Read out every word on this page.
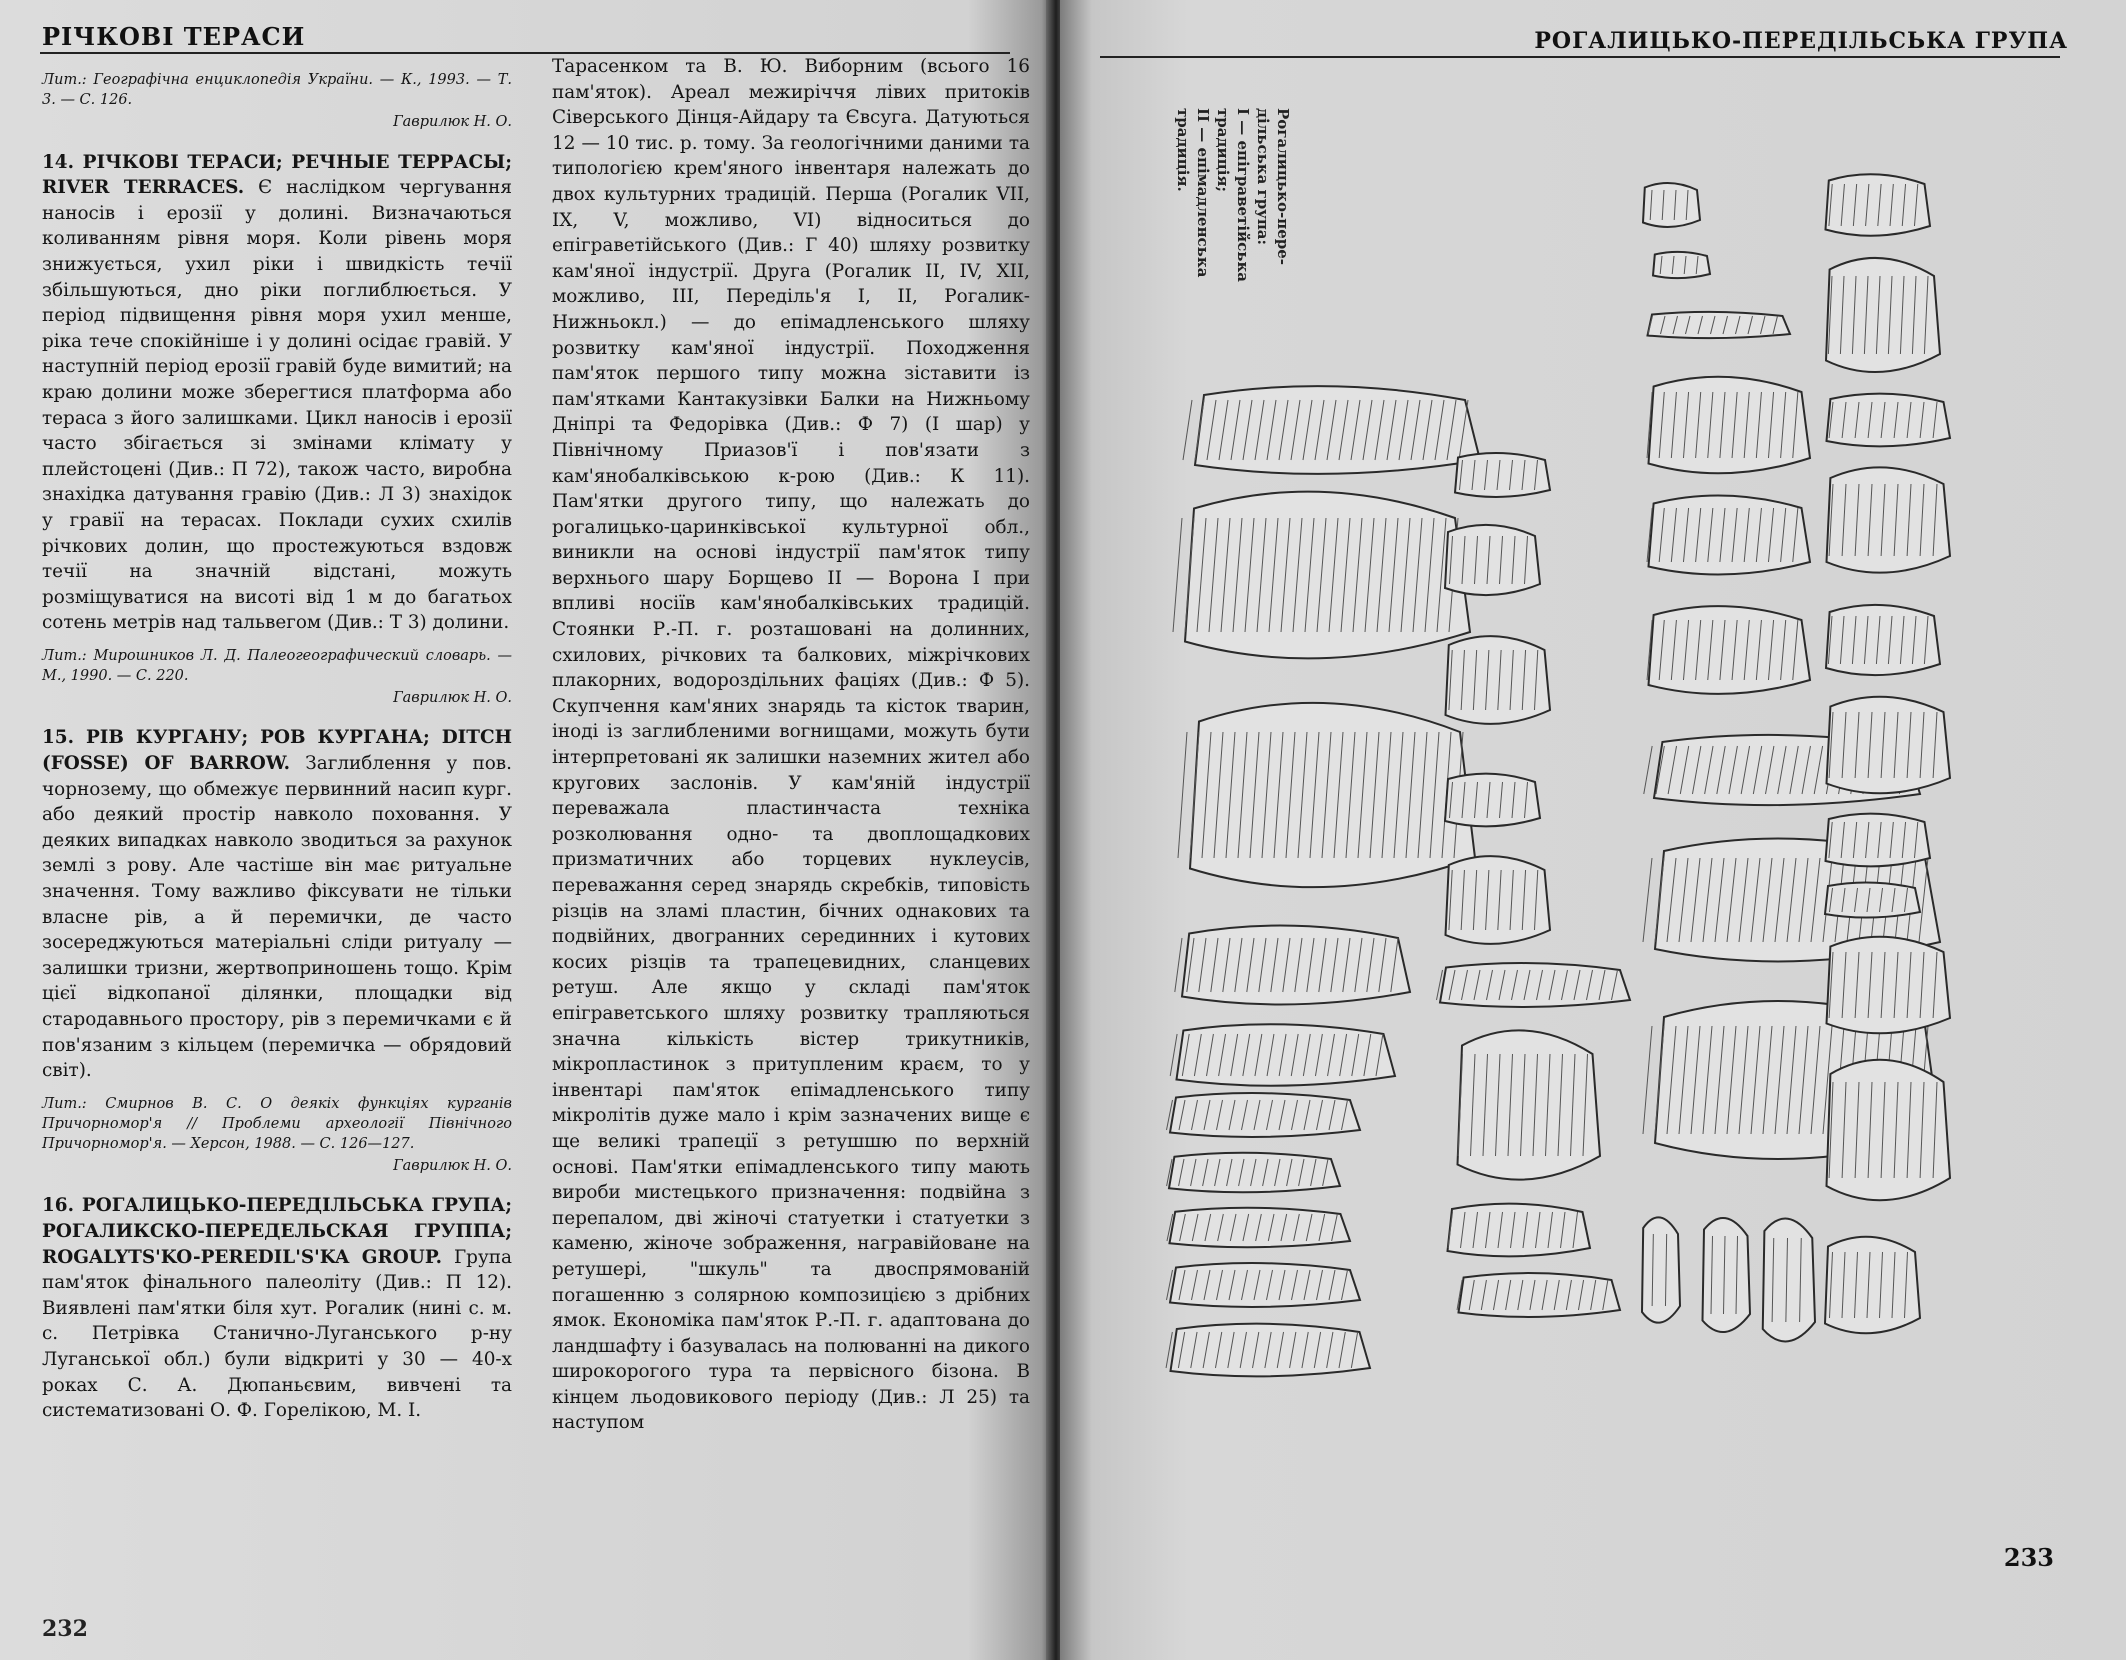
РІЧКОВІ ТЕРАСИ

Лит.: Географічна енциклопедія України. — К., 1993. — Т. 3. — С. 126.

Гаврилюк Н. О.

14. РІЧКОВІ ТЕРАСИ; РЕЧНЫЕ ТЕРРАСЫ; RIVER TERRACES. Є наслідком чергування наносів і ерозії у долині. Визначаються коливанням рівня моря. Коли рівень моря знижується, ухил ріки і швидкість течії збільшуються, дно ріки поглиблюється. У період підвищення рівня моря ухил менше, ріка тече спокійніше і у долині осідає гравій. У наступній період ерозії гравій буде вимитий; на краю долини може зберегтися платформа або тераса з його залишками. Цикл наносів і ерозії часто збігається зі змінами клімату у плейстоцені (Див.: П 72), також часто, виробна знахідка датування гравію (Див.: Л 3) знахідок у гравії на терасах. Поклади сухих схилів річкових долин, що простежуються вздовж течії на значній відстані, можуть розміщуватися на висоті від 1 м до багатьох сотень метрів над тальвегом (Див.: Т 3) долини.

Лит.: Мирошников Л. Д. Палеогеографический словарь. — М., 1990. — С. 220.

Гаврилюк Н. О.

15. РІВ КУРГАНУ; РОВ КУРГАНА; DITCH (FOSSE) OF BARROW. Заглиблення у пов. чорнозему, що обмежує первинний насип кург. або деякий простір навколо поховання. У деяких випадках навколо зводиться за рахунок землі з рову. Але частіше він має ритуальне значення. Тому важливо фіксувати не тільки власне рів, а й перемички, де часто зосереджуються матеріальні сліди ритуалу — залишки тризни, жертвоприношень тощо. Крім цієї відкопаної ділянки, площадки від стародавнього простору, рів з перемичками є й пов'язаним з кільцем (перемичка — обрядовий світ).

Лит.: Смирнов В. С. О деякіх функціях курганів Причорномор'я // Проблеми археології Північного Причорномор'я. — Херсон, 1988. — С. 126—127.

Гаврилюк Н. О.

16. РОГАЛИЦЬКО-ПЕРЕДІЛЬСЬКА ГРУПА; РОГАЛИКСКО-ПЕРЕДЕЛЬСКАЯ ГРУППА; ROGALYTS'KO-PEREDIL'S'KA GROUP. Група пам'яток фінального палеоліту (Див.: П 12). Виявлені пам'ятки біля хут. Рогалик (нині с. м. с. Петрівка Станично-Луганського р-ну Луганської обл.) були відкриті у 30 — 40-х роках С. А. Дюпаньєвим, вивчені та систематизовані О. Ф. Горелікою, М. І.

Тарасенком та В. Ю. Виборним (всього 16 пам'яток). Ареал межиріччя лівих притоків Сіверського Дінця-Айдару та Євсуга. Датуються 12 — 10 тис. р. тому. За геологічними даними та типологією крем'яного інвентаря належать до двох культурних традицій. Перша (Рогалик VII, IX, V, можливо, VI) відноситься до епіграветійського (Див.: Г 40) шляху розвитку кам'яної індустрії. Друга (Рогалик II, IV, XII, можливо, III, Переділь'я I, II, Рогалик-Нижньокл.) — до епімадленського шляху розвитку кам'яної індустрії. Походження пам'яток першого типу можна зіставити із пам'ятками Кантакузівки Балки на Нижньому Дніпрі та Федорівка (Див.: Ф 7) (І шар) у Північному Приазов'ї і пов'язати з кам'янобалківською к-рою (Див.: К 11). Пам'ятки другого типу, що належать до рогалицько-царинківської культурної обл., виникли на основі індустрії пам'яток типу верхнього шару Борщево II — Ворона І при впливі носіїв кам'янобалківських традицій. Стоянки Р.-П. г. розташовані на долинних, схилових, річкових та балкових, міжрічкових плакорних, водороздільних фаціях (Див.: Ф 5). Скупчення кам'яних знарядь та кісток тварин, іноді із заглибленими вогнищами, можуть бути інтерпретовані як залишки наземних жител або кругових заслонів. У кам'яній індустрії переважала пластинчаста техніка розколювання одно- та двоплощадкових призматичних або торцевих нуклеусів, переважання серед знарядь скребків, типовість різців на зламі пластин, бічних однакових та подвійних, двогранних серединних і кутових косих різців та трапецевидних, сланцевих ретуш. Але якщо у складі пам'яток епіграветського шляху розвитку трапляються значна кількість вістер трикутників, мікропластинок з притупленим краєм, то у інвентарі пам'яток епімадленського типу мікролітів дуже мало і крім зазначених вище є ще великі трапеції з ретушшю по верхній основі. Пам'ятки епімадленського типу мають вироби мистецького призначення: подвійна з перепалом, дві жіночі статуетки і статуетки з каменю, жіноче зображення, награвійоване на ретушері, "шкуль" та двоспрямованій погашенню з солярною композицією з дрібних ямок. Економіка пам'яток Р.-П. г. адаптована до ландшафту і базувалась на полюванні на дикого широкорогого тура та первісного бізона. В кінцем льодовикового періоду (Див.: Л 25) та наступом

232
РОГАЛИЦЬКО-ПЕРЕДІЛЬСЬКА ГРУПА
Рогалицько-пере-
дільська група:
I — епіграветійська
традиція;
II — епімадленська
традиція.
233
